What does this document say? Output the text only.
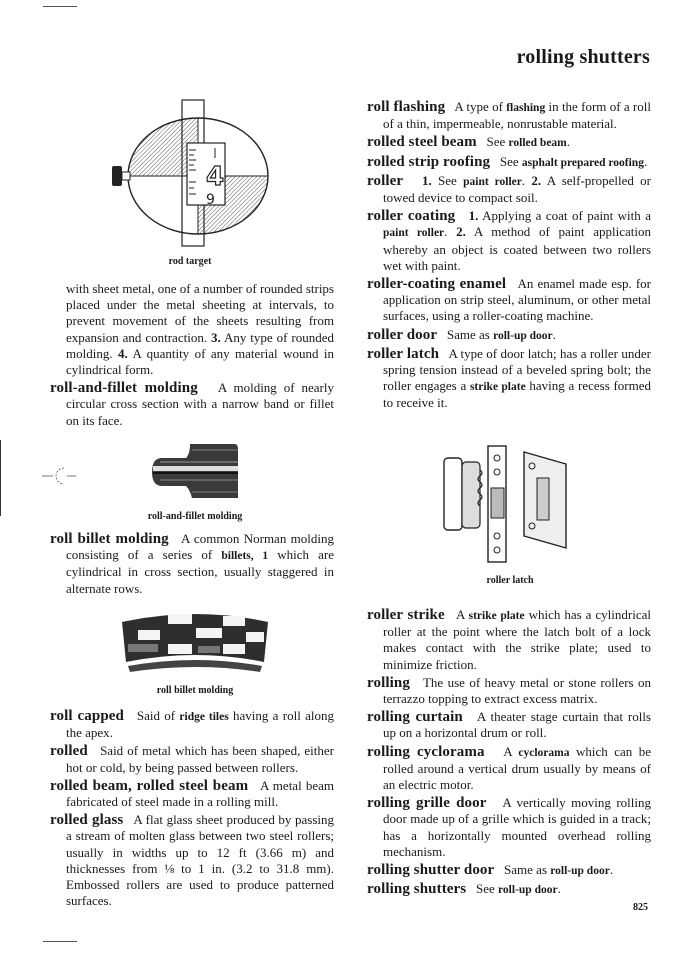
rolling shutters
4
9
rod target

with sheet metal, one of a number of rounded strips placed under the metal sheeting at intervals, to prevent movement of the sheets resulting from expansion and contraction. 3. Any type of rounded molding. 4. A quantity of any material wound in cylindrical form.

roll-and-fillet molding A molding of nearly circular cross section with a narrow band or fillet on its face.

roll-and-fillet molding

roll billet molding A common Norman molding consisting of a series of billets, 1 which are cylindrical in cross section, usually staggered in alternate rows.

roll billet molding

roll capped Said of ridge tiles having a roll along the apex.

rolled Said of metal which has been shaped, either hot or cold, by being passed between rollers.

rolled beam, rolled steel beam A metal beam fabricated of steel made in a rolling mill.

rolled glass A flat glass sheet produced by passing a stream of molten glass between two steel rollers; usually in widths up to 12 ft (3.66 m) and thicknesses from ⅛ to 1 in. (3.2 to 31.8 mm). Embossed rollers are used to produce patterned surfaces.

roll flashing A type of flashing in the form of a roll of a thin, impermeable, nonrustable material.

rolled steel beam See rolled beam.

rolled strip roofing See asphalt prepared roofing.

roller 1. See paint roller. 2. A self-propelled or towed device to compact soil.

roller coating 1. Applying a coat of paint with a paint roller. 2. A method of paint application whereby an object is coated between two rollers wet with paint.

roller-coating enamel An enamel made esp. for application on strip steel, aluminum, or other metal surfaces, using a roller-coating machine.

roller door Same as roll-up door.

roller latch A type of door latch; has a roller under spring tension instead of a beveled spring bolt; the roller engages a strike plate having a recess formed to receive it.

roller latch

roller strike A strike plate which has a cylindrical roller at the point where the latch bolt of a lock makes contact with the strike plate; used to minimize friction.

rolling The use of heavy metal or stone rollers on terrazzo topping to extract excess matrix.

rolling curtain A theater stage curtain that rolls up on a horizontal drum or roll.

rolling cyclorama A cyclorama which can be rolled around a vertical drum usually by means of an electric motor.

rolling grille door A vertically moving rolling door made up of a grille which is guided in a track; has a horizontally mounted overhead rolling mechanism.

rolling shutter door Same as roll-up door.

rolling shutters See roll-up door.

825
